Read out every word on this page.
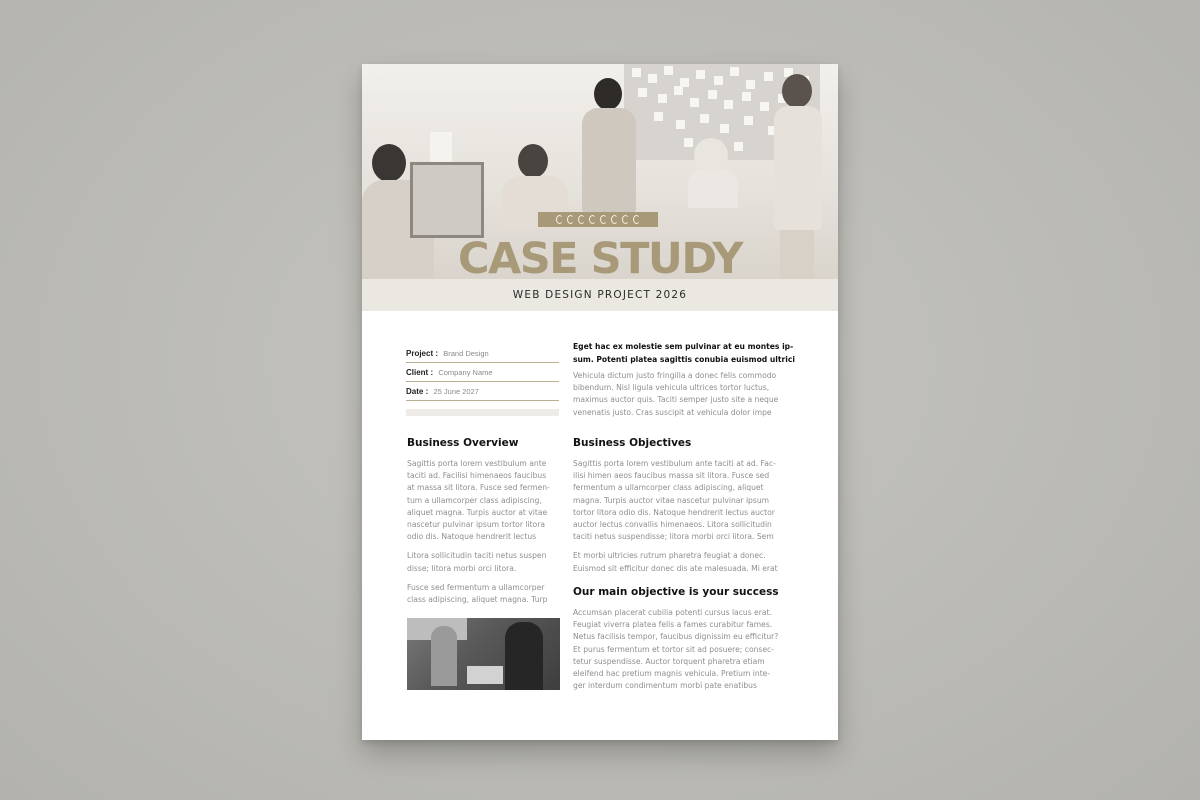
CASE STUDY
WEB DESIGN PROJECT 2026
Project : Brand Design
Client : Company Name
Date : 25 June 2027
Eget hac ex molestie sem pulvinar at eu montes ip-
sum. Potenti platea sagittis conubia euismod ultrici
Vehicula dictum justo fringilla a donec felis commodo
bibendum. Nisl ligula vehicula ultrices tortor luctus,
maximus auctor quis. Taciti semper justo site a neque
venenatis justo. Cras suscipit at vehicula dolor impe
Business Overview

Sagittis porta lorem vestibulum ante
taciti ad. Facilisi himenaeos faucibus
at massa sit litora. Fusce sed fermen-
tum a ullamcorper class adipiscing,
aliquet magna. Turpis auctor at vitae
nascetur pulvinar ipsum tortor litora
odio dis. Natoque hendrerit lectus

Litora sollicitudin taciti netus suspen
disse; litora morbi orci litora.

Fusce sed fermentum a ullamcorper
class adipiscing, aliquet magna. Turp

Business Objectives

Sagittis porta lorem vestibulum ante taciti at ad. Fac-
ilisi himen aeos faucibus massa sit litora. Fusce sed
fermentum a ullamcorper class adipiscing, aliquet
magna. Turpis auctor vitae nascetur pulvinar ipsum
tortor litora odio dis. Natoque hendrerit lectus auctor
auctor lectus convallis himenaeos. Litora sollicitudin
taciti netus suspendisse; litora morbi orci litora. Sem

Et morbi ultricies rutrum pharetra feugiat a donec.
Euismod sit efficitur donec dis ate malesuada. Mi erat

Our main objective is your success

Accumsan placerat cubilia potenti cursus lacus erat.
Feugiat viverra platea felis a fames curabitur fames.
Netus facilisis tempor, faucibus dignissim eu efficitur?
Et purus fermentum et tortor sit ad posuere; consec-
tetur suspendisse. Auctor torquent pharetra etiam
eleifend hac pretium magnis vehicula. Pretium inte-
ger interdum condimentum morbi pate enatibus
